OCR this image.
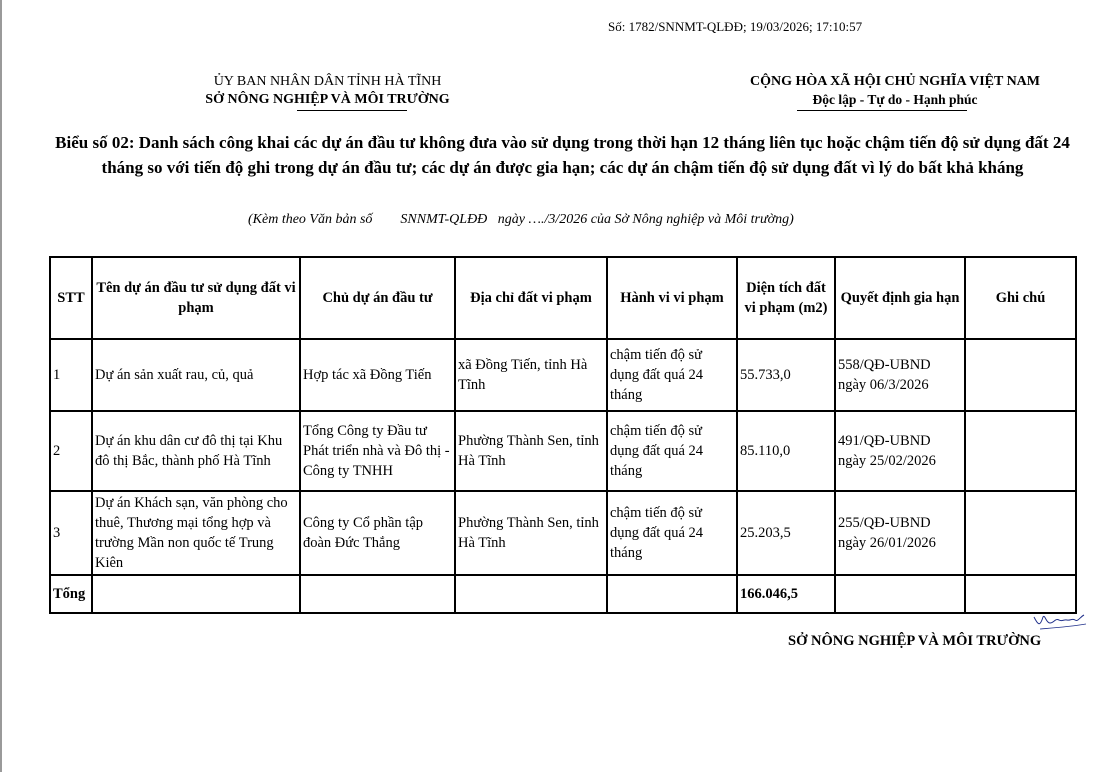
Số: 1782/SNNMT-QLĐĐ; 19/03/2026; 17:10:57
ỦY BAN NHÂN DÂN TỈNH HÀ TĨNH
SỞ NÔNG NGHIỆP VÀ MÔI TRƯỜNG
CỘNG HÒA XÃ HỘI CHỦ NGHĨA VIỆT NAM
Độc lập - Tự do - Hạnh phúc
Biểu số 02: Danh sách công khai các dự án đầu tư không đưa vào sử dụng trong thời hạn 12 tháng liên tục hoặc chậm tiến độ sử dụng đất 24 tháng so với tiến độ ghi trong dự án đầu tư; các dự án được gia hạn; các dự án chậm tiến độ sử dụng đất vì lý do bất khả kháng
(Kèm theo Văn bản số        SNNMT-QLĐĐ   ngày …./3/2026 của Sở Nông nghiệp và Môi trường)
STT	Tên dự án đầu tư sử dụng đất vi phạm	Chủ dự án đầu tư	Địa chỉ đất vi phạm	Hành vi vi phạm	Diện tích đất vi phạm (m2)	Quyết định gia hạn	Ghi chú
1	Dự án sản xuất rau, củ, quả	Hợp tác xã Đồng Tiến	xã Đồng Tiến, tỉnh Hà Tĩnh	chậm tiến độ sử dụng đất quá 24 tháng	55.733,0	558/QĐ-UBND
ngày 06/3/2026	

2	Dự án khu dân cư đô thị tại Khu đô thị Bắc, thành phố Hà Tĩnh	Tổng Công ty Đầu tư Phát triển nhà và Đô thị - Công ty TNHH	Phường Thành Sen, tỉnh Hà Tĩnh	chậm tiến độ sử dụng đất quá 24 tháng	85.110,0	491/QĐ-UBND
ngày 25/02/2026	

3	Dự án Khách sạn, văn phòng cho thuê, Thương mại tổng hợp và trường Mần non quốc tế Trung Kiên	Công ty Cổ phần tập đoàn Đức Thắng	Phường Thành Sen, tỉnh Hà Tĩnh	chậm tiến độ sử dụng đất quá 24 tháng	25.203,5	255/QĐ-UBND
ngày 26/01/2026	

Tổng					166.046,5		
SỞ NÔNG NGHIỆP VÀ MÔI TRƯỜNG
